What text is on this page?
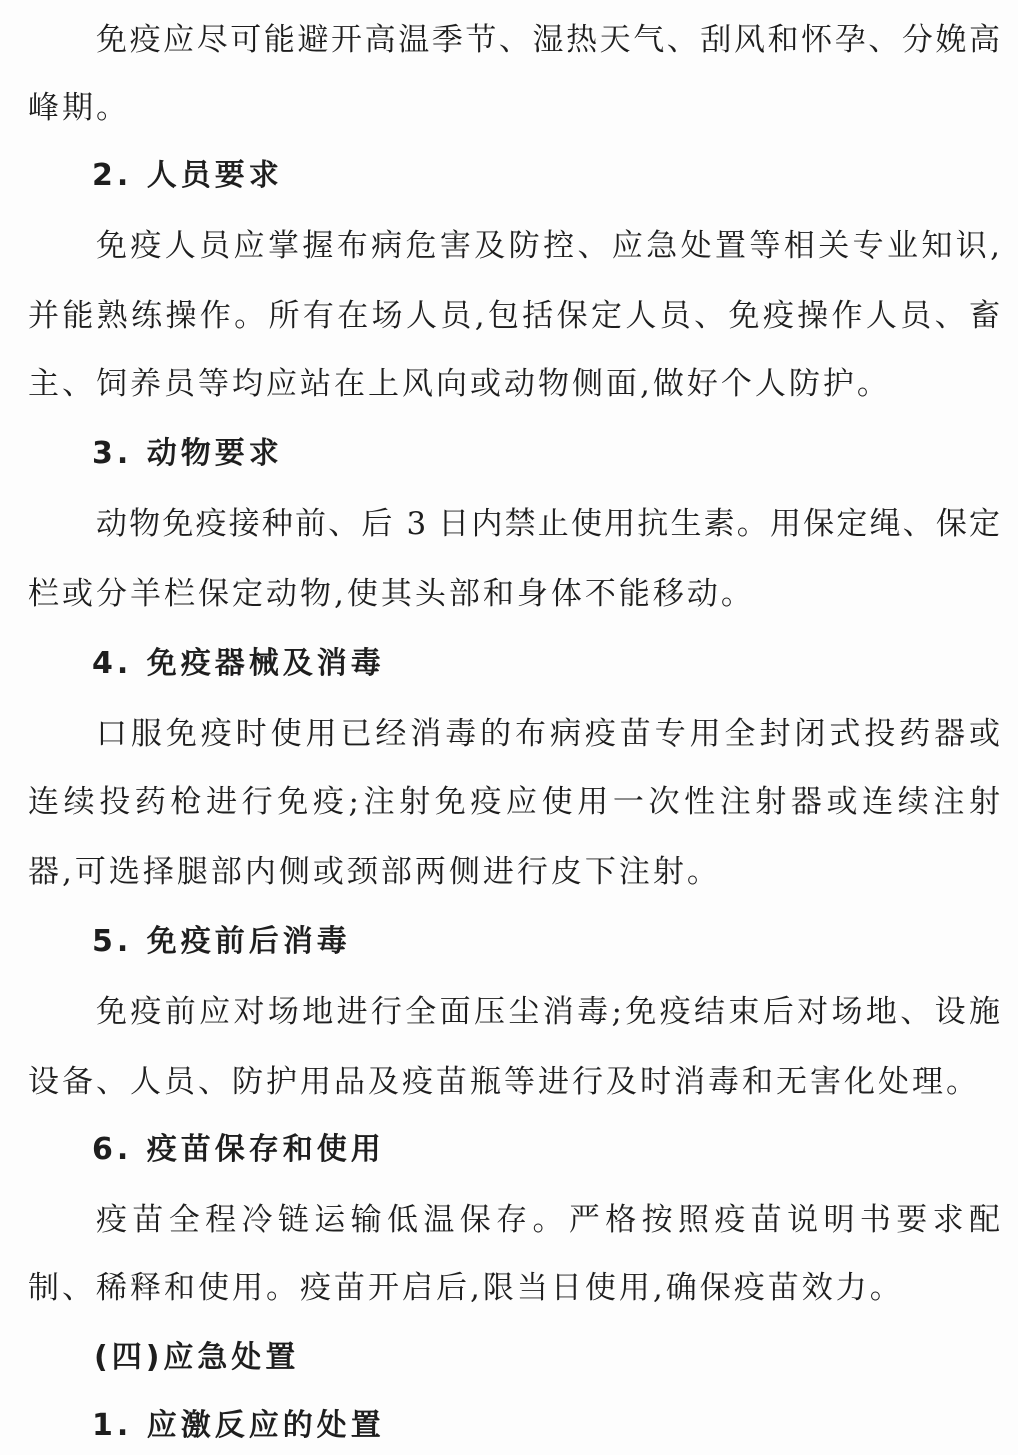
免疫应尽可能避开高温季节、湿热天气、刮风和怀孕、分娩高
峰期。
2. 人员要求
免疫人员应掌握布病危害及防控、应急处置等相关专业知识,
并能熟练操作。所有在场人员,包括保定人员、免疫操作人员、畜
主、饲养员等均应站在上风向或动物侧面,做好个人防护。
3. 动物要求
动物免疫接种前、后 3 日内禁止使用抗生素。用保定绳、保定
栏或分羊栏保定动物,使其头部和身体不能移动。
4. 免疫器械及消毒
口服免疫时使用已经消毒的布病疫苗专用全封闭式投药器或
连续投药枪进行免疫;注射免疫应使用一次性注射器或连续注射
器,可选择腿部内侧或颈部两侧进行皮下注射。
5. 免疫前后消毒
免疫前应对场地进行全面压尘消毒;免疫结束后对场地、设施
设备、人员、防护用品及疫苗瓶等进行及时消毒和无害化处理。
6. 疫苗保存和使用
疫苗全程冷链运输低温保存。严格按照疫苗说明书要求配
制、稀释和使用。疫苗开启后,限当日使用,确保疫苗效力。
(四)应急处置
1. 应激反应的处置
